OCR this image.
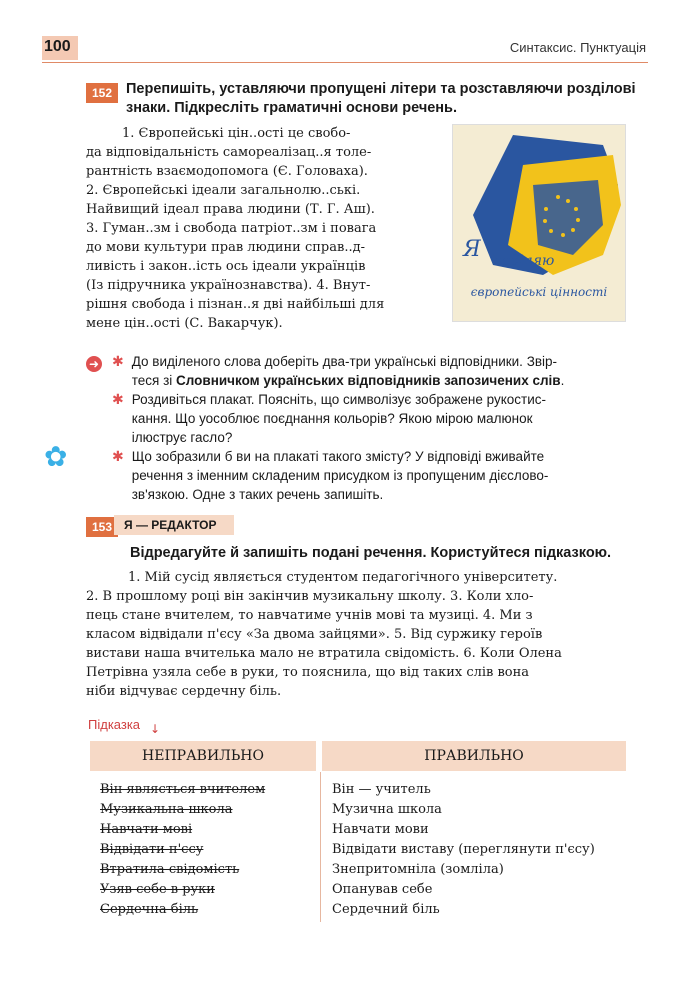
100	Синтаксис. Пунктуація
152 Перепишіть, уставляючи пропущені літери та розставляючи розділові знаки. Підкресліть граматичні основи речень.
1. Європейські цін..ості це свобо-
да відповідальність самореалізац..я толе-
рантність взаємодопомога (Є. Головаха).
2. Європейські ідеали загальнолю..ські.
Найвищий ідеал права людини (Т. Г. Аш).
3. Гуман..зм і свобода патріот..зм і повага
до мови культури прав людини справ..д-
ливість і закон..ість ось ідеали українців
(Із підручника українознавства). 4. Внут-
рішня свобода і пізнан..я дві найбільші для
мене цін..ості (С. Вакарчук).
Я поділяю
європейські цінності
➜
✿
✱ До виділеного слова доберіть два-три українські відповідники. Звір-
теся зі Словничком українських відповідників запозичених слів.
✱ Роздивіться плакат. Поясніть, що символізує зображене рукостис-
кання. Що уособлює поєднання кольорів? Якою мірою малюнок
ілюструє гасло?
✱ Що зобразили б ви на плакаті такого змісту? У відповіді вживайте
речення з іменним складеним присудком із пропущеним дієслово-
зв'язкою. Одне з таких речень запишіть.
153 Я — РЕДАКТОР
Відредагуйте й запишіть подані речення. Користуйтеся підказкою.
1. Мій сусід являється студентом педагогічного університету.
2. В прошлому році він закінчив музикальну школу. 3. Коли хло-
пець стане вчителем, то навчатиме учнів мові та музиці. 4. Ми з
класом відвідали п'єсу «За двома зайцями». 5. Від суржику героїв
вистави наша вчителька мало не втратила свідомість. 6. Коли Олена
Петрівна узяла себе в руки, то пояснила, що від таких слів вона
ніби відчуває сердечну біль.
Підказка ↓
НЕПРАВИЛЬНО	ПРАВИЛЬНО
Він являється вчителем
Музикальна школа
Навчати мові
Відвідати п'єсу
Втратила свідомість
Узяв себе в руки
Сердечна біль
Він — учитель
Музична школа
Навчати мови
Відвідати виставу (переглянути п'єсу)
Знепритомніла (зомліла)
Опанував себе
Сердечний біль
